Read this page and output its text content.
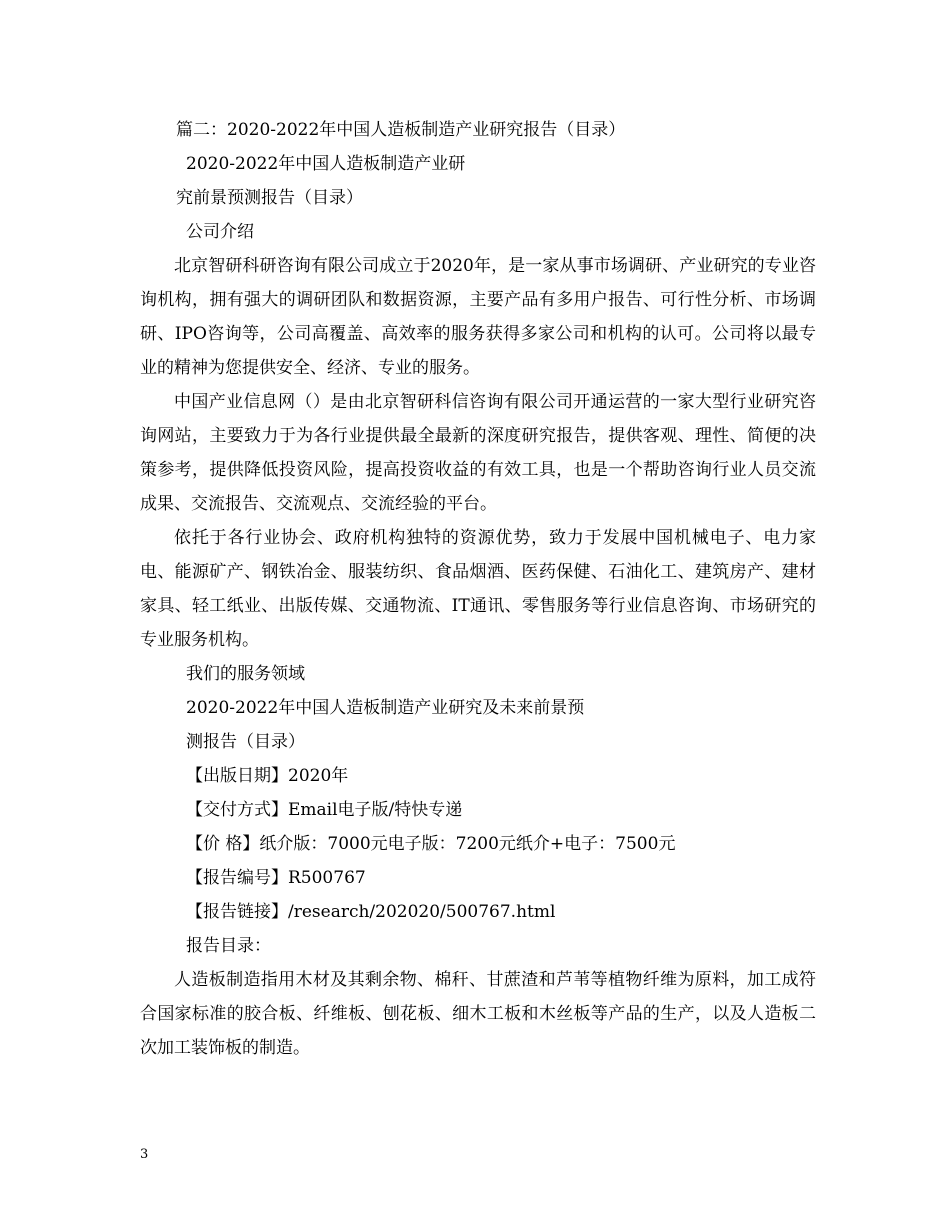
篇二：2020-2022年中国人造板制造产业研究报告（目录）
2020-2022年中国人造板制造产业研
究前景预测报告（目录）
公司介绍

北京智研科研咨询有限公司成立于2020年，是一家从事市场调研、产业研究的专业咨询机构，拥有强大的调研团队和数据资源，主要产品有多用户报告、可行性分析、市场调研、IPO咨询等，公司高覆盖、高效率的服务获得多家公司和机构的认可。公司将以最专业的精神为您提供安全、经济、专业的服务。

中国产业信息网（）是由北京智研科信咨询有限公司开通运营的一家大型行业研究咨询网站，主要致力于为各行业提供最全最新的深度研究报告，提供客观、理性、简便的决策参考，提供降低投资风险，提高投资收益的有效工具，也是一个帮助咨询行业人员交流成果、交流报告、交流观点、交流经验的平台。

依托于各行业协会、政府机构独特的资源优势，致力于发展中国机械电子、电力家电、能源矿产、钢铁冶金、服装纺织、食品烟酒、医药保健、石油化工、建筑房产、建材家具、轻工纸业、出版传媒、交通物流、IT通讯、零售服务等行业信息咨询、市场研究的专业服务机构。

我们的服务领域
2020-2022年中国人造板制造产业研究及未来前景预
测报告（目录）
【出版日期】2020年
【交付方式】Email电子版/特快专递
【价 格】纸介版：7000元电子版：7200元纸介+电子：7500元
【报告编号】R500767
【报告链接】/research/202020/500767.html
报告目录：

人造板制造指用木材及其剩余物、棉秆、甘蔗渣和芦苇等植物纤维为原料，加工成符合国家标准的胶合板、纤维板、刨花板、细木工板和木丝板等产品的生产，以及人造板二次加工装饰板的制造。

3
